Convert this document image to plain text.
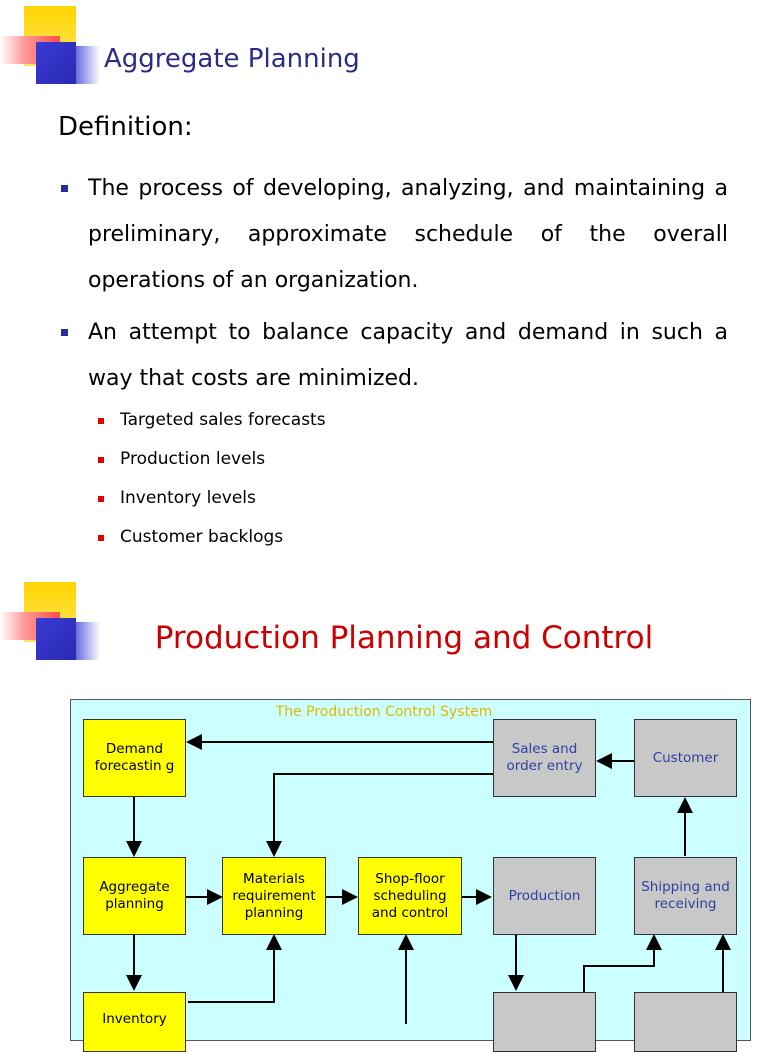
Aggregate Planning
Definition:
The process of developing, analyzing, and maintaining a preliminary, approximate schedule of the overall operations of an organization.
An attempt to balance capacity and demand in such a way that costs are minimized.
Targeted sales forecasts
Production levels
Inventory levels
Customer backlogs
Production Planning and Control
The Production Control System
Demand forecastin g
Sales and order entry
Customer
Aggregate planning
Materials requirement planning
Shop-floor scheduling and control
Production
Shipping and receiving
Inventory
